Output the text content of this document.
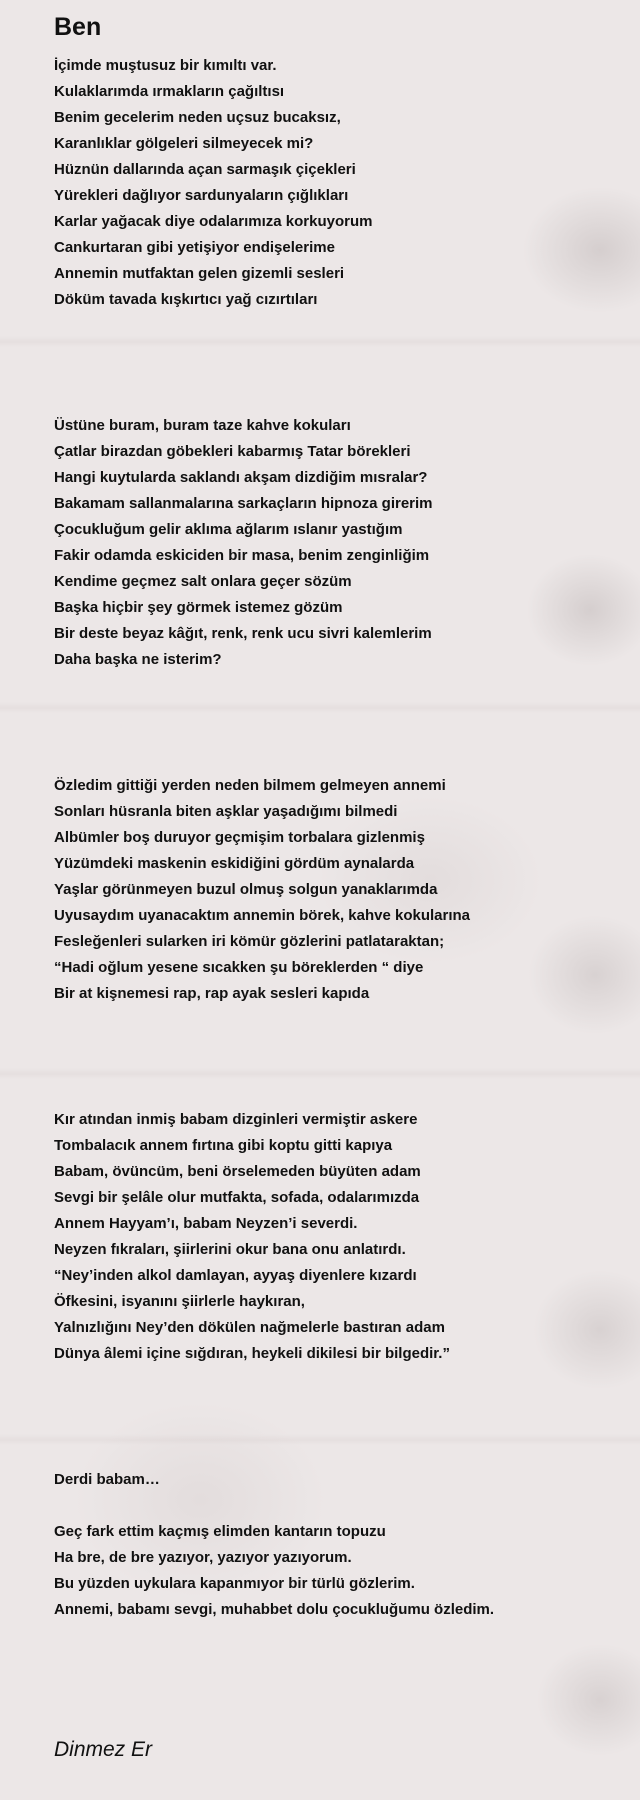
Ben
İçimde muştusuz bir kımıltı var.
Kulaklarımda ırmakların çağıltısı
Benim gecelerim neden uçsuz bucaksız,
Karanlıklar gölgeleri silmeyecek mi?
Hüznün dallarında açan sarmaşık çiçekleri
Yürekleri dağlıyor sardunyaların çığlıkları
Karlar yağacak diye odalarımıza korkuyorum
Cankurtaran gibi yetişiyor endişelerime
Annemin mutfaktan gelen gizemli sesleri
Döküm tavada kışkırtıcı yağ cızırtıları
Üstüne buram, buram taze kahve kokuları
Çatlar birazdan göbekleri kabarmış Tatar börekleri
Hangi kuytularda saklandı akşam dizdiğim mısralar?
Bakamam sallanmalarına sarkaçların hipnoza girerim
Çocukluğum gelir aklıma ağlarım ıslanır yastığım
Fakir odamda eskiciden bir masa, benim zenginliğim
Kendime geçmez salt onlara geçer sözüm
Başka hiçbir şey görmek istemez gözüm
Bir deste beyaz kâğıt, renk, renk ucu sivri kalemlerim
Daha başka ne isterim?
Özledim gittiği yerden neden bilmem gelmeyen annemi
Sonları hüsranla biten aşklar yaşadığımı bilmedi
Albümler boş duruyor geçmişim torbalara gizlenmiş
Yüzümdeki maskenin eskidiğini gördüm aynalarda
Yaşlar görünmeyen buzul olmuş solgun yanaklarımda
Uyusaydım uyanacaktım annemin börek, kahve kokularına
Fesleğenleri sularken iri kömür gözlerini patlataraktan;
“Hadi oğlum yesene sıcakken şu böreklerden “ diye
Bir at kişnemesi rap, rap ayak sesleri kapıda
Kır atından inmiş babam dizginleri vermiştir askere
Tombalacık annem fırtına gibi koptu gitti kapıya
Babam, övüncüm, beni örselemeden büyüten adam
Sevgi bir şelâle olur mutfakta, sofada, odalarımızda
Annem Hayyam’ı, babam Neyzen’i severdi.
Neyzen fıkraları, şiirlerini okur bana onu anlatırdı.
“Ney’inden alkol damlayan, ayyaş diyenlere kızardı
Öfkesini, isyanını şiirlerle haykıran,
Yalnızlığını Ney’den dökülen nağmelerle bastıran adam
Dünya âlemi içine sığdıran, heykeli dikilesi bir bilgedir.”
Derdi babam…
Geç fark ettim kaçmış elimden kantarın topuzu
Ha bre, de bre yazıyor, yazıyor yazıyorum.
Bu yüzden uykulara kapanmıyor bir türlü gözlerim.
Annemi, babamı sevgi, muhabbet dolu çocukluğumu özledim.
Dinmez Er
